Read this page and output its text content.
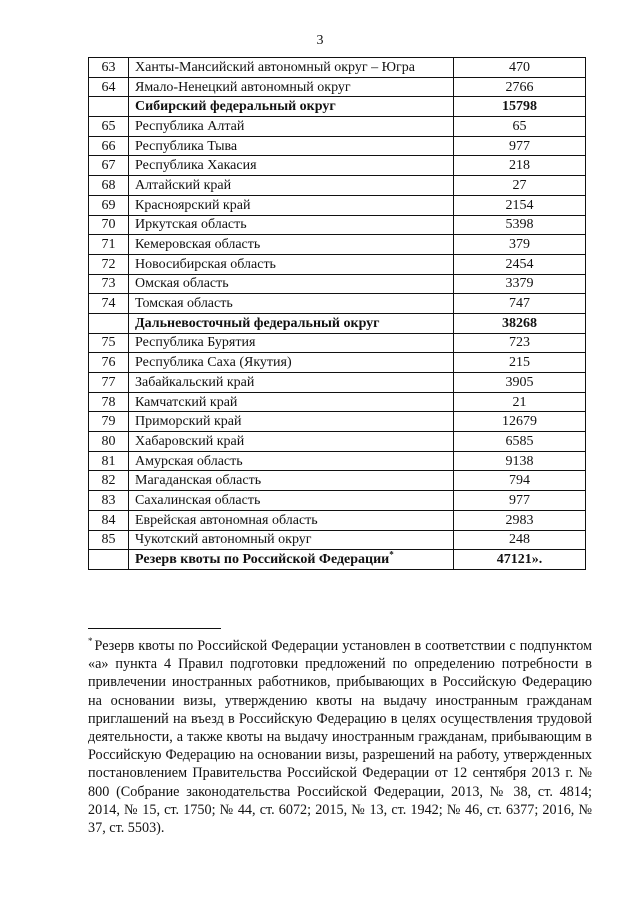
3
63	Ханты-Мансийский автономный округ – Югра	470
64	Ямало-Ненецкий автономный округ	2766
	Сибирский федеральный округ	15798
65	Республика Алтай	65
66	Республика Тыва	977
67	Республика Хакасия	218
68	Алтайский край	27
69	Красноярский край	2154
70	Иркутская область	5398
71	Кемеровская область	379
72	Новосибирская область	2454
73	Омская область	3379
74	Томская область	747
	Дальневосточный федеральный округ	38268
75	Республика Бурятия	723
76	Республика Саха (Якутия)	215
77	Забайкальский край	3905
78	Камчатский край	21
79	Приморский край	12679
80	Хабаровский край	6585
81	Амурская область	9138
82	Магаданская область	794
83	Сахалинская область	977
84	Еврейская автономная область	2983
85	Чукотский автономный округ	248
	Резерв квоты по Российской Федерации*	47121».
* Резерв квоты по Российской Федерации установлен в соответствии с подпунктом «а» пункта 4 Правил подготовки предложений по определению потребности в привлечении иностранных работников, прибывающих в Российскую Федерацию на основании визы, утверждению квоты на выдачу иностранным гражданам приглашений на въезд в Российскую Федерацию в целях осуществления трудовой деятельности, а также квоты на выдачу иностранным гражданам, прибывающим в Российскую Федерацию на основании визы, разрешений на работу, утвержденных постановлением Правительства Российской Федерации от 12 сентября 2013 г. № 800 (Собрание законодательства Российской Федерации, 2013, № 38, ст. 4814; 2014, № 15, ст. 1750; № 44, ст. 6072; 2015, № 13, ст. 1942; № 46, ст. 6377; 2016, № 37, ст. 5503).
